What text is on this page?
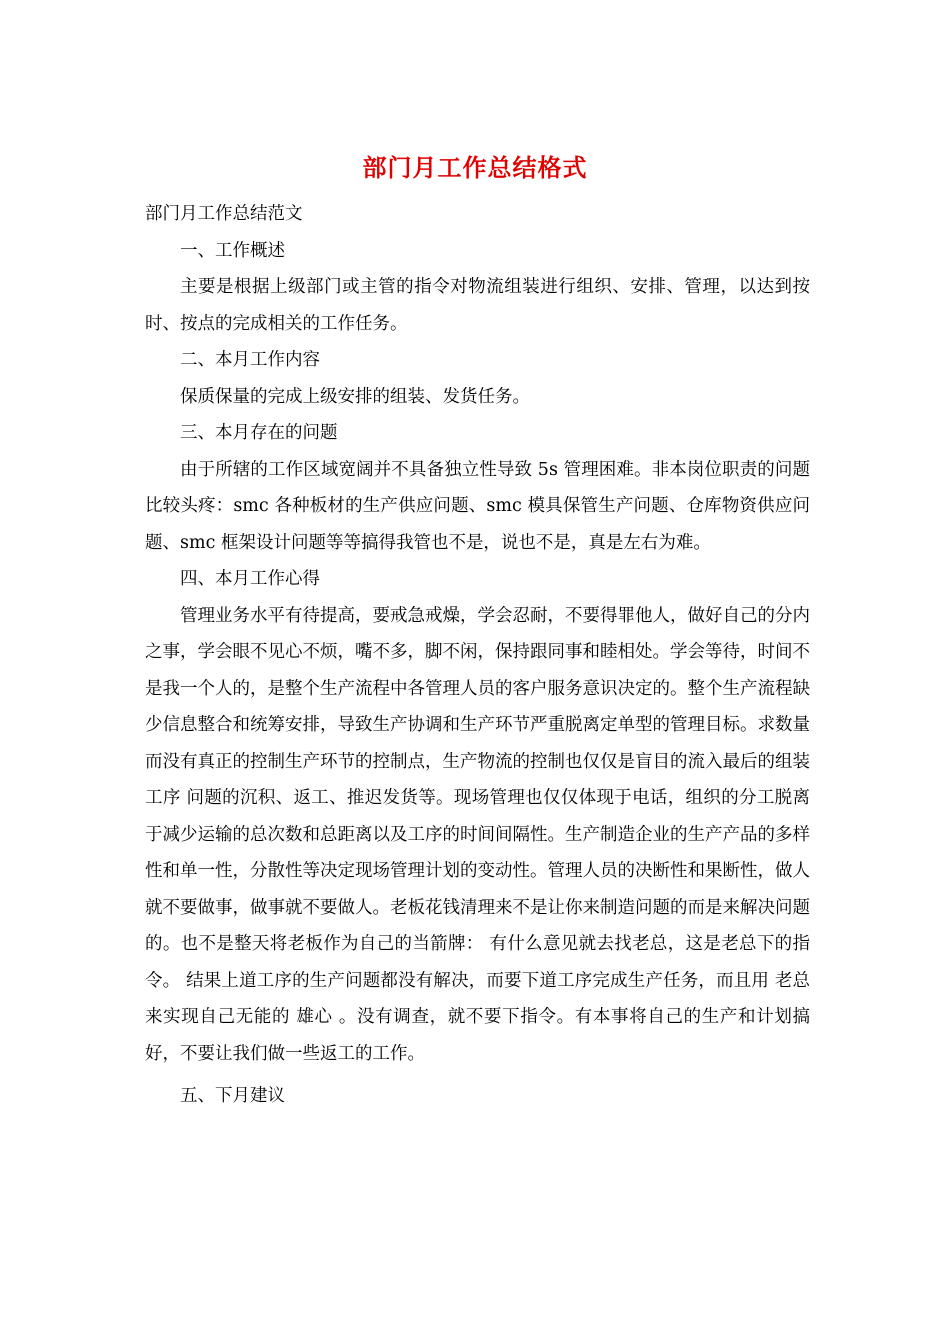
部门月工作总结格式

部门月工作总结范文

一、工作概述

主要是根据上级部门或主管的指令对物流组装进行组织、安排、管理，以达到按时、按点的完成相关的工作任务。

二、本月工作内容

保质保量的完成上级安排的组装、发货任务。

三、本月存在的问题

由于所辖的工作区域宽阔并不具备独立性导致 5s 管理困难。非本岗位职责的问题比较头疼：smc 各种板材的生产供应问题、smc 模具保管生产问题、仓库物资供应问题、smc 框架设计问题等等搞得我管也不是，说也不是，真是左右为难。

四、本月工作心得

管理业务水平有待提高，要戒急戒燥，学会忍耐，不要得罪他人，做好自己的分内之事，学会眼不见心不烦，嘴不多，脚不闲，保持跟同事和睦相处。学会等待，时间不是我一个人的，是整个生产流程中各管理人员的客户服务意识决定的。整个生产流程缺少信息整合和统筹安排，导致生产协调和生产环节严重脱离定单型的管理目标。求数量而没有真正的控制生产环节的控制点，生产物流的控制也仅仅是盲目的流入最后的组装工序 问题的沉积、返工、推迟发货等。现场管理也仅仅体现于电话，组织的分工脱离于减少运输的总次数和总距离以及工序的时间间隔性。生产制造企业的生产产品的多样性和单一性，分散性等决定现场管理计划的变动性。管理人员的决断性和果断性，做人就不要做事，做事就不要做人。老板花钱清理来不是让你来制造问题的而是来解决问题的。也不是整天将老板作为自己的当箭牌： 有什么意见就去找老总，这是老总下的指令。 结果上道工序的生产问题都没有解决，而要下道工序完成生产任务，而且用 老总 来实现自己无能的 雄心 。没有调查，就不要下指令。有本事将自己的生产和计划搞好，不要让我们做一些返工的工作。

五、下月建议
